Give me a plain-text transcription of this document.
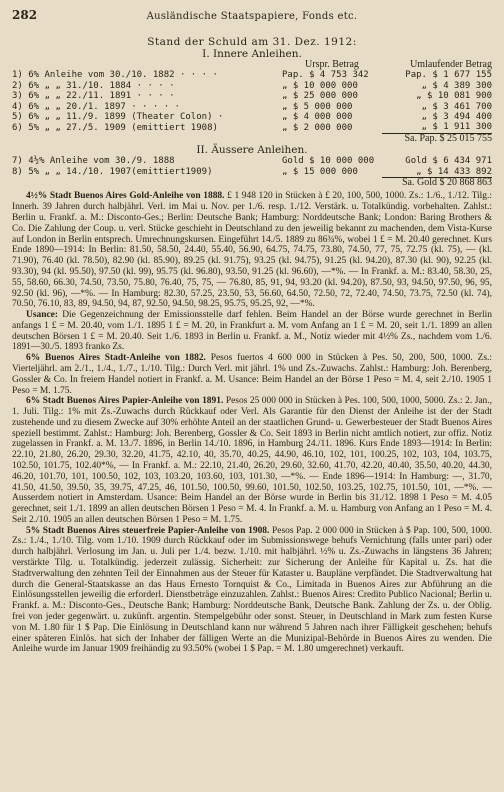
282	Ausländische Staatspapiere, Fonds etc.
Stand der Schuld am 31. Dez. 1912:
I. Innere Anleihen.
	Urspr. Betrag	Umlaufender Betrag
1) 6% Anleihe vom 30./10. 1882 · · · ·	Pap. $ 4 753 342	Pap. $ 1 677 155
2) 6% „ „ 31./10. 1884 · · · ·	„ $ 10 000 000	„ $ 4 389 300
3) 6% „ „ 22./11. 1891 · · · ·	„ $ 25 000 000	„ $ 10 081 900
4) 6% „ „ 20./1. 1897 · · · · ·	„ $ 5 000 000	„ $ 3 461 700
5) 6% „ „ 11./9. 1899 (Theater Colon) ·	„ $ 4 000 000	„ $ 3 494 400
6) 5% „ „ 27./5. 1909 (emittiert 1908)	„ $ 2 000 000	„ $ 1 911 300
		Sa. Pap. $ 25 015 755
II. Äussere Anleihen.
7) 4½% Anleihe vom 30./9. 1888	Gold $ 10 000 000	Gold $ 6 434 971
8) 5% „ „ 14./10. 1907(emittiert1909)	„ $ 15 000 000	„ $ 14 433 892
		Sa. Gold $ 20 868 863

4½% Stadt Buenos Aires Gold-Anleihe von 1888. £ 1 948 120 in Stücken à £ 20, 100, 500, 1000. Zs.: 1./6., 1./12. Tilg.: Innerh. 39 Jahren durch halbjährl. Verl. im Mai u. Nov. per 1./6. resp. 1./12. Verstärk. u. Totalkündig. vorbehalten. Zahlst.: Berlin u. Frankf. a. M.: Disconto-Ges.; Berlin: Deutsche Bank; Hamburg: Norddeutsche Bank; London: Baring Brothers & Co. Die Zahlung der Coup. u. verl. Stücke geschieht in Deutschland zu den jeweilig bekannt zu machenden, dem Vista-Kurse auf London in Berlin entsprech. Umrechnungskursen. Eingeführt 14./5. 1889 zu 86¾%, wobei 1 £ = M. 20.40 gerechnet. Kurs Ende 1890—1914: In Berlin: 81.50, 58.50, 24.40, 55.40, 56.90, 64.75, 74.75, 73.80, 74.50, 77, 75, 72.75 (kl. 75), — (kl. 71.90), 76.40 (kl. 78.50), 82.90 (kl. 85.90), 89.25 (kl. 91.75), 93.25 (kl. 94.75), 91.25 (kl. 94.20), 87.30 (kl. 90), 92.25 (kl. 93.30), 94 (kl. 95.50), 97.50 (kl. 99), 95.75 (kl. 96.80), 93.50, 91.25 (kl. 96.60), —*%. — In Frankf. a. M.: 83.40, 58.30, 25, 55, 58.60, 66.30, 74.50, 73.50, 75.80, 76.40, 75, 75, — 76.80, 85, 91, 94, 93.20 (kl. 94.20), 87.50, 93, 94.50, 97.50, 96, 95, 92.50 (kl. 96), —*%. — In Hamburg: 82.30, 57.25, 23.50, 53, 56.60, 64.50, 72.50, 72, 72.40, 74.50, 73.75, 72.50 (kl. 74), 70.50, 76.10, 83, 89, 94.50, 94, 87, 92.50, 94.50, 98.25, 95.75, 95.25, 92, —*%.

Usance: Die Gegenzeichnung der Emissionsstelle darf fehlen. Beim Handel an der Börse wurde gerechnet in Berlin anfangs 1 £ = M. 20.40, vom 1./1. 1895 1 £ = M. 20, in Frankfurt a. M. vom Anfang an 1 £ = M. 20, seit 1./1. 1899 an allen deutschen Börsen 1 £ = M. 20.40. Seit 1./6. 1893 in Berlin u. Frankf. a. M., Notiz wieder mit 4½% Zs., nachdem vom 1./6. 1891—30./5. 1893 franko Zs.

6% Buenos Aires Stadt-Anleihe von 1882. Pesos fuertos 4 600 000 in Stücken à Pes. 50, 200, 500, 1000. Zs.: Vierteljährl. am 2./1., 1./4., 1./7., 1./10. Tilg.: Durch Verl. mit jährl. 1% und Zs.-Zuwachs. Zahlst.: Hamburg: Joh. Berenberg, Gossler & Co. In freiem Handel notiert in Frankf. a. M. Usance: Beim Handel an der Börse 1 Peso = M. 4, seit 2./10. 1905 1 Peso = M. 1.75.

6% Stadt Buenos Aires Papier-Anleihe von 1891. Pesos 25 000 000 in Stücken à Pes. 100, 500, 1000, 5000. Zs.: 2. Jan., 1. Juli. Tilg.: 1% mit Zs.-Zuwachs durch Rückkauf oder Verl. Als Garantie für den Dienst der Anleihe ist der der Stadt zustehende und zu diesem Zwecke auf 30% erhöhte Anteil an der staatlichen Grund- u. Gewerbesteuer der Stadt Buenos Aires speziell bestimmt. Zahlst.: Hamburg: Joh. Berenberg, Gossler & Co. Seit 1893 in Berlin nicht amtlich notiert, zur offiz. Notiz zugelassen in Frankf. a. M. 13./7. 1896, in Berlin 14./10. 1896, in Hamburg 24./11. 1896. Kurs Ende 1893—1914: In Berlin: 22.10, 21.80, 26.20, 29.30, 32.20, 41.75, 42.10, 40, 35.70, 40.25, 44.90, 46.10, 102, 101, 100.25, 102, 103, 104, 103.75, 102.50, 101.75, 102.40*%, — In Frankf. a. M.: 22.10, 21.40, 26.20, 29.60, 32.60, 41.70, 42.20, 40.40, 35.50, 40.20, 44.30, 46.20, 101.70, 101, 100.50, 102, 103, 103.20, 103.60, 103, 101.30, —*%. — Ende 1896—1914: In Hamburg: —, 31.70, 41.50, 41.50, 39.50, 35, 39.75, 47.25, 46, 101.50, 100.50, 99.60, 101.50, 102.50, 103.25, 102.75, 101.50, 101, —*%. — Ausserdem notiert in Amsterdam. Usance: Beim Handel an der Börse wurde in Berlin bis 31./12. 1898 1 Peso = M. 4.05 gerechnet, seit 1./1. 1899 an allen deutschen Börsen 1 Peso = M. 4. In Frankf. a. M. u. Hamburg von Anfang an 1 Peso = M. 4. Seit 2./10. 1905 an allen deutschen Börsen 1 Peso = M. 1.75.

5% Stadt Buenos Aires steuerfreie Papier-Anleihe von 1908. Pesos Pap. 2 000 000 in Stücken à $ Pap. 100, 500, 1000. Zs.: 1./4., 1./10. Tilg. vom 1./10. 1909 durch Rückkauf oder im Submissionswege behufs Vernichtung (falls unter pari) oder durch halbjährl. Verlosung im Jan. u. Juli per 1./4. bezw. 1./10. mit halbjährl. ½% u. Zs.-Zuwachs in längstens 36 Jahren; verstärkte Tilg. u. Totalkündig. jederzeit zulässig. Sicherheit: zur Sicherung der Anleihe für Kapital u. Zs. hat die Stadtverwaltung den zehnten Teil der Einnahmen aus der Steuer für Kataster u. Baupläne verpfändet. Die Stadtverwaltung hat durch die General-Staatskasse an das Haus Ernesto Tornquist & Co., Limitada in Buenos Aires zur Abführung an die Einlösungsstellen jeweilig die erforderl. Dienstbeträge einzuzahlen. Zahlst.: Buenos Aires: Credito Publico Nacional; Berlin u. Frankf. a. M.: Disconto-Ges., Deutsche Bank; Hamburg: Norddeutsche Bank, Deutsche Bank. Zahlung der Zs. u. der Oblig. frei von jeder gegenwärt. u. zukünft. argentin. Stempelgebühr oder sonst. Steuer, in Deutschland in Mark zum festen Kurse von M. 1.80 für 1 $ Pap. Die Einlösung in Deutschland kann nur während 5 Jahren nach ihrer Fälligkeit geschehen; behufs einer späteren Einlös. hat sich der Inhaber der fälligen Werte an die Munizipal-Behörde in Buenos Aires zu wenden. Die Anleihe wurde im Januar 1909 freihändig zu 93.50% (wobei 1 $ Pap. = M. 1.80 umgerechnet) verkauft.
